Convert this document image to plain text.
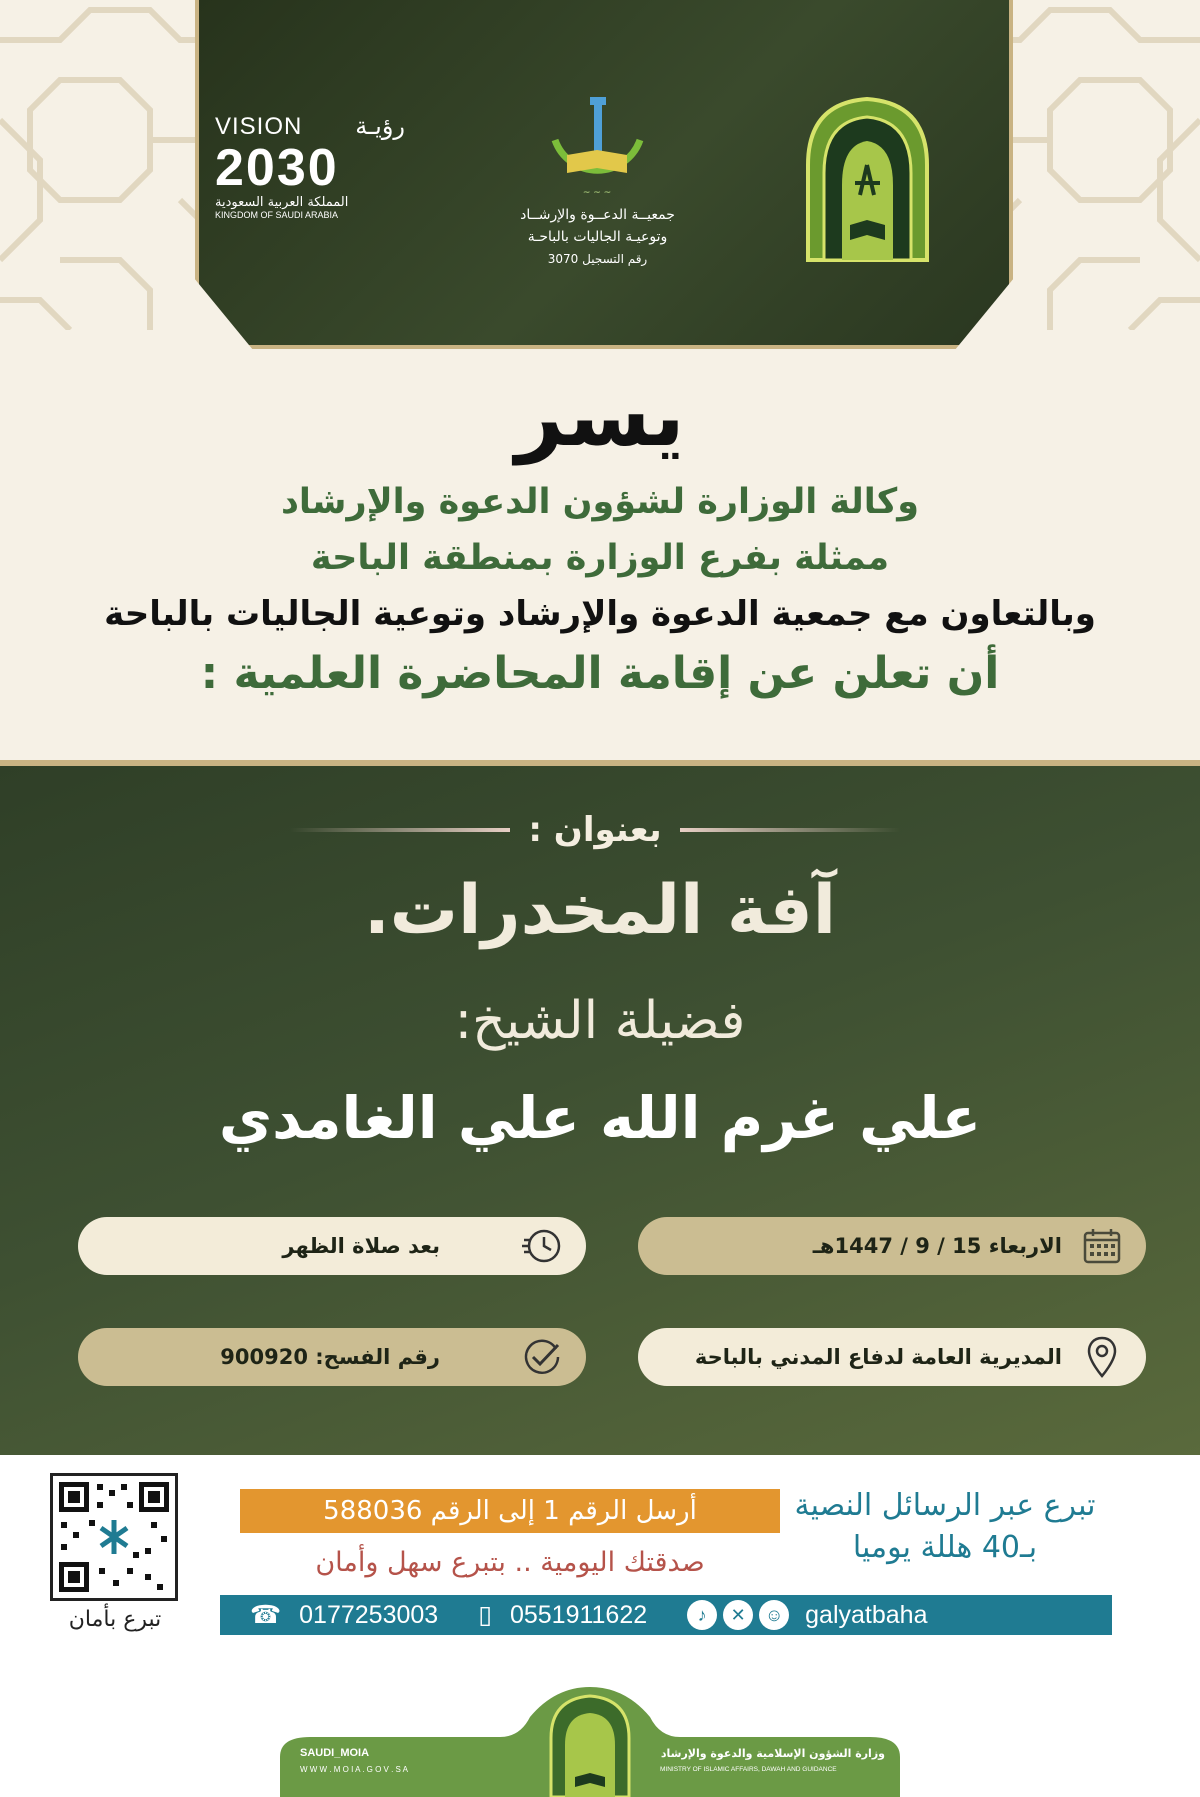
VISION رؤيـة
2030
المملكة العربية السعودية
KINGDOM OF SAUDI ARABIA
~ ~ ~
جمعيــة الدعــوة والإرشــاد
وتوعيـة الجاليات بالباحـة
رقم التسجيل 3070
يسر
وكالة الوزارة لشؤون الدعوة والإرشاد
ممثلة بفرع الوزارة بمنطقة الباحة
وبالتعاون مع جمعية الدعوة والإرشاد وتوعية الجاليات بالباحة
أن تعلن عن إقامة المحاضرة العلمية :
بعنوان :
آفة المخدرات.
فضيلة الشيخ:
علي غرم الله علي الغامدي
الاربعاء 15 / 9 / 1447هـ
بعد صلاة الظهر
المديرية العامة لدفاع المدني بالباحة
رقم الفسح: 900920
تبرع بأمان
تبرع عبر الرسائل النصية
بـ40 هللة يوميا
أرسل الرقم 1 إلى الرقم 588036
صدقتك اليومية .. بتبرع سهل وأمان
☎ 0177253003 ▯ 0551911622	♪	✕	☺ galyatbaha
SAUDI_MOIA
W W W . M O I A . G O V . S A
وزارة الشؤون الإسلامية والدعوة والإرشاد
MINISTRY OF ISLAMIC AFFAIRS, DAWAH AND GUIDANCE
